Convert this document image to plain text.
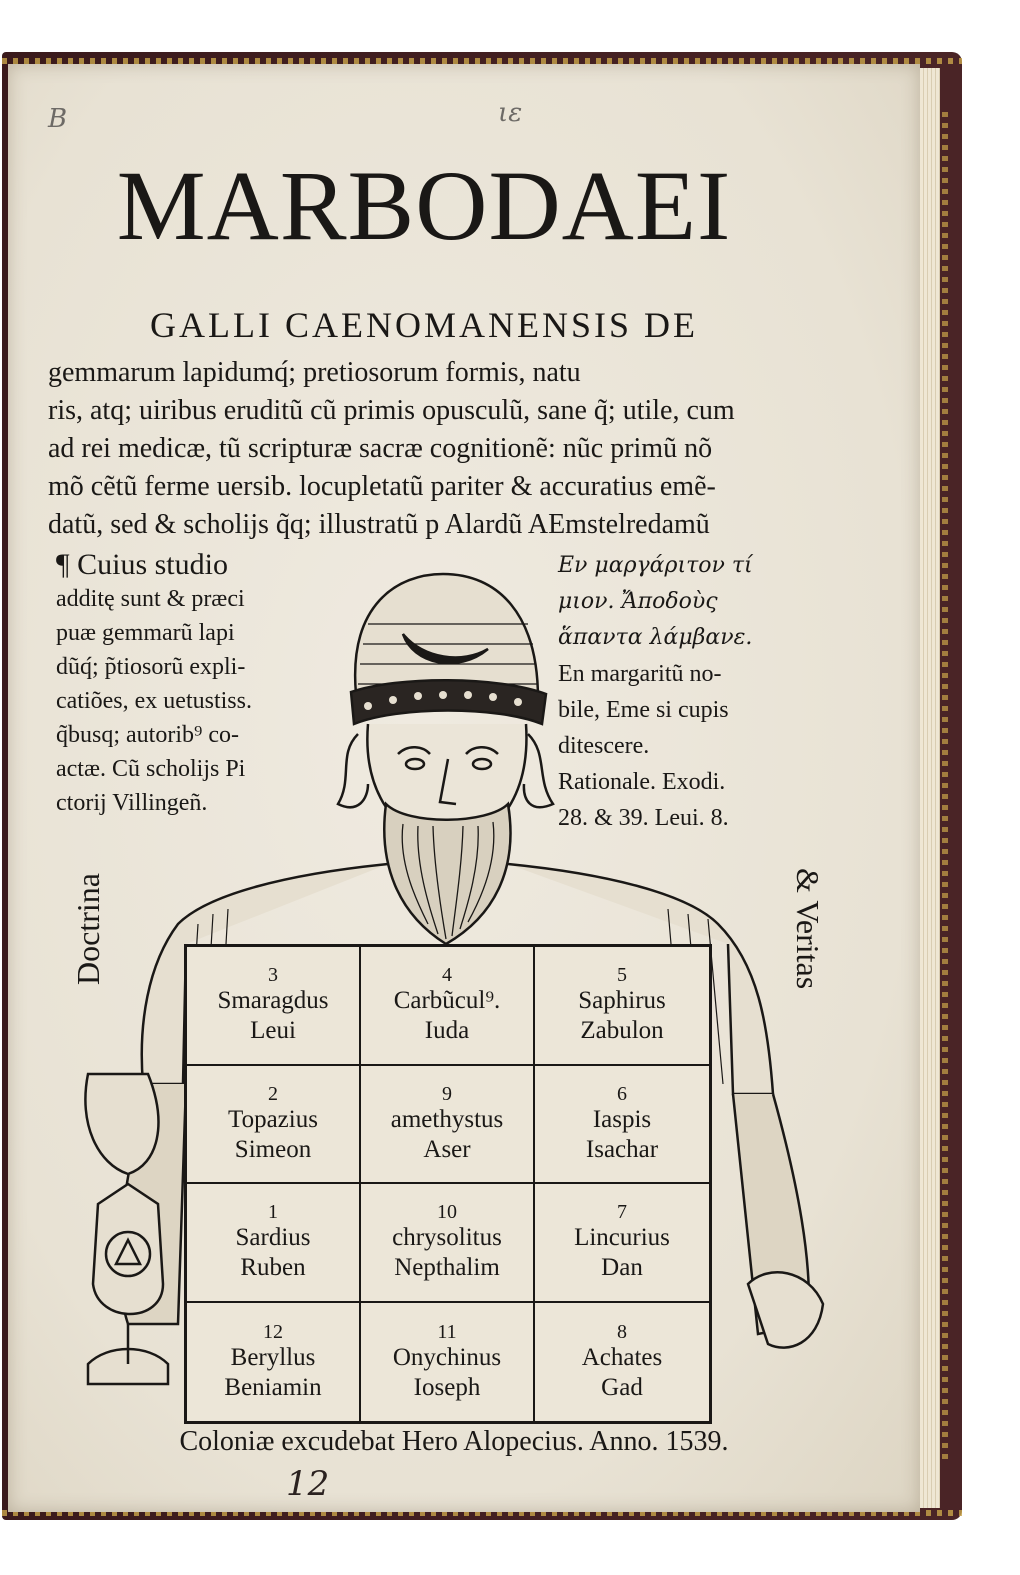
B	ιε
MARBODAEI
GALLI CAENOMANENSIS DE
gemmarum lapidumq́; pretiosorum formis, natu
ris, atq; uiribus eruditũ cũ primis opusculũ, sane q̃; utile, cum
ad rei medicæ, tũ scripturæ sacræ cognitionẽ: nũc primũ nõ
mõ cẽtũ ferme uersib. locupletatũ pariter & accuratius emẽ-
datũ, sed & scholijs q̃q; illustratũ p Alardũ AEmstelredamũ
¶ Cuius studio
additę sunt & præci
puæ gemmarũ lapi
dũq́; p̃tiosorũ expli-
catiões, ex uetustiss.
q̃busq; autorib⁹ co-
actæ. Cũ scholijs Pi
ctorij Villingeñ.
Εν μαργάριτον τί
μιον. Ἄποδοὺς
ἅπαντα λάμβανε.
En margaritũ no-
bile, Eme si cupis
ditescere.
Rationale. Exodi.
28. & 39. Leui. 8.
Doctrina	& Veritas
3
Smaragdus
Leui
4
Carbũcul⁹.
Iuda
5
Saphirus
Zabulon
2
Topazius
Simeon
9
amethystus
Aser
6
Iaspis
Isachar
1
Sardius
Ruben
10
chrysolitus
Nepthalim
7
Lincurius
Dan
12
Beryllus
Beniamin
11
Onychinus
Ioseph
8
Achates
Gad
Coloniæ excudebat Hero Alopecius. Anno. 1539.
12
